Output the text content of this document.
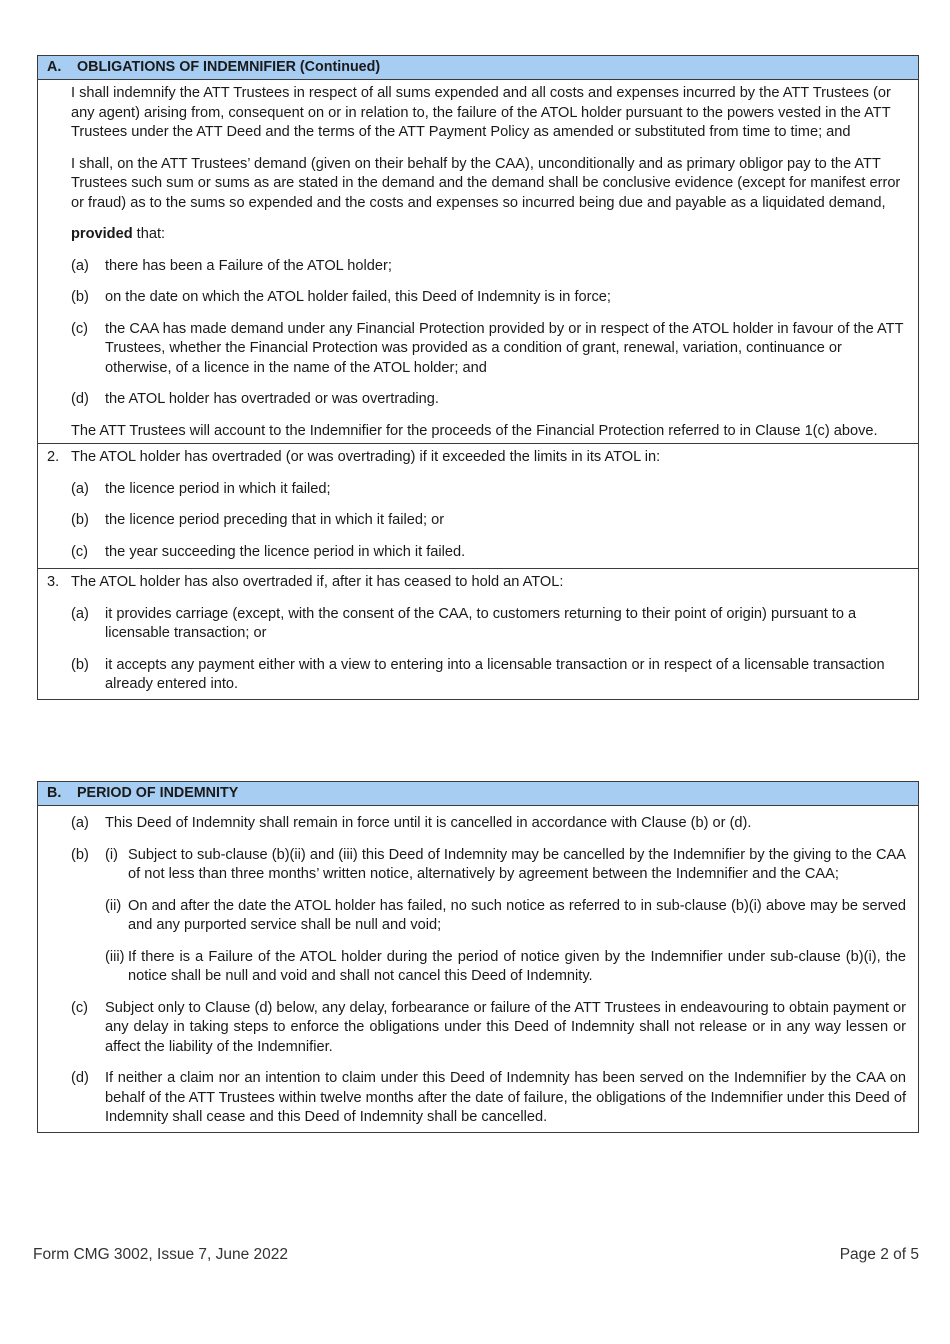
A. OBLIGATIONS OF INDEMNIFIER (Continued)

I shall indemnify the ATT Trustees in respect of all sums expended and all costs and expenses incurred by the ATT Trustees (or any agent) arising from, consequent on or in relation to, the failure of the ATOL holder pursuant to the powers vested in the ATT Trustees under the ATT Deed and the terms of the ATT Payment Policy as amended or substituted from time to time; and

I shall, on the ATT Trustees’ demand (given on their behalf by the CAA), unconditionally and as primary obligor pay to the ATT Trustees such sum or sums as are stated in the demand and the demand shall be conclusive evidence (except for manifest error or fraud) as to the sums so expended and the costs and expenses so incurred being due and payable as a liquidated demand,

provided that:

(a) there has been a Failure of the ATOL holder;
(b) on the date on which the ATOL holder failed, this Deed of Indemnity is in force;
(c) the CAA has made demand under any Financial Protection provided by or in respect of the ATOL holder in favour of the ATT Trustees, whether the Financial Protection was provided as a condition of grant, renewal, variation, continuance or otherwise, of a licence in the name of the ATOL holder; and
(d) the ATOL holder has overtraded or was overtrading.

The ATT Trustees will account to the Indemnifier for the proceeds of the Financial Protection referred to in Clause 1(c) above.

2. The ATOL holder has overtraded (or was overtrading) if it exceeded the limits in its ATOL in:

(a) the licence period in which it failed;
(b) the licence period preceding that in which it failed; or
(c) the year succeeding the licence period in which it failed.
3. The ATOL holder has also overtraded if, after it has ceased to hold an ATOL:

(a) it provides carriage (except, with the consent of the CAA, to customers returning to their point of origin) pursuant to a licensable transaction; or
(b) it accepts any payment either with a view to entering into a licensable transaction or in respect of a licensable transaction already entered into.
B. PERIOD OF INDEMNITY
(a) This Deed of Indemnity shall remain in force until it is cancelled in accordance with Clause (b) or (d).
(b) (i) Subject to sub-clause (b)(ii) and (iii) this Deed of Indemnity may be cancelled by the Indemnifier by the giving to the CAA of not less than three months’ written notice, alternatively by agreement between the Indemnifier and the CAA;
(ii) On and after the date the ATOL holder has failed, no such notice as referred to in sub-clause (b)(i) above may be served and any purported service shall be null and void;
(iii) If there is a Failure of the ATOL holder during the period of notice given by the Indemnifier under sub-clause (b)(i), the notice shall be null and void and shall not cancel this Deed of Indemnity.
(c) Subject only to Clause (d) below, any delay, forbearance or failure of the ATT Trustees in endeavouring to obtain payment or any delay in taking steps to enforce the obligations under this Deed of Indemnity shall not release or in any way lessen or affect the liability of the Indemnifier.
(d) If neither a claim nor an intention to claim under this Deed of Indemnity has been served on the Indemnifier by the CAA on behalf of the ATT Trustees within twelve months after the date of failure, the obligations of the Indemnifier under this Deed of Indemnity shall cease and this Deed of Indemnity shall be cancelled.
Form CMG 3002, Issue 7, June 2022	Page 2 of 5
